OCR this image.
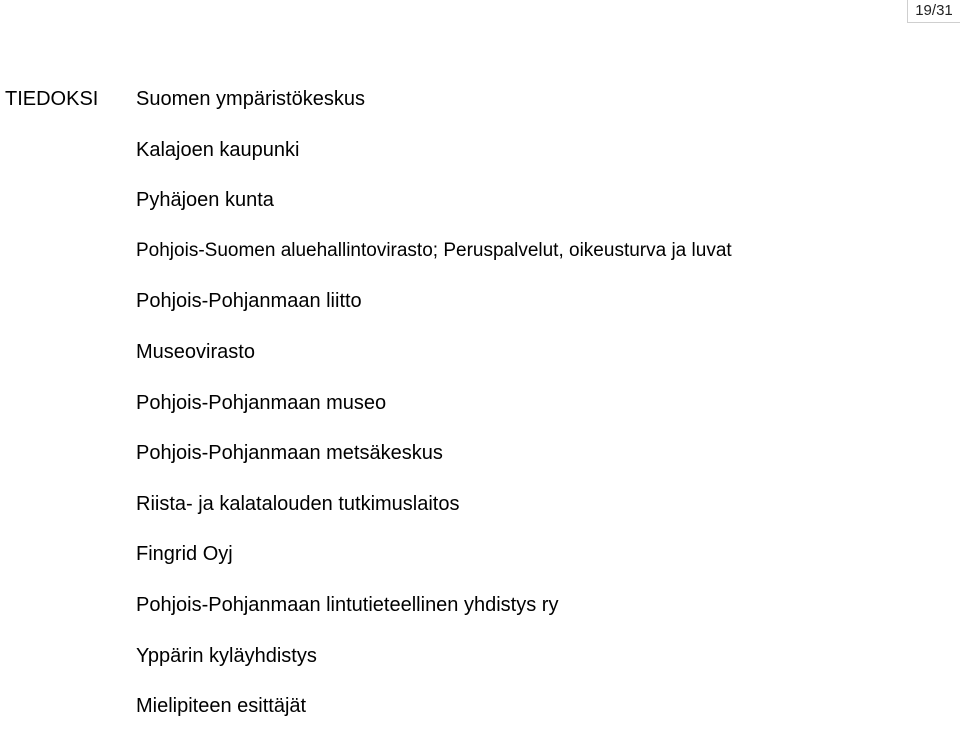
19/31
TIEDOKSI Suomen ympäristökeskus
Kalajoen kaupunki
Pyhäjoen kunta
Pohjois-Suomen aluehallintovirasto; Peruspalvelut, oikeusturva ja luvat
Pohjois-Pohjanmaan liitto
Museovirasto
Pohjois-Pohjanmaan museo
Pohjois-Pohjanmaan metsäkeskus
Riista- ja kalatalouden tutkimuslaitos
Fingrid Oyj
Pohjois-Pohjanmaan lintutieteellinen yhdistys ry
Yppärin kyläyhdistys
Mielipiteen esittäjät
